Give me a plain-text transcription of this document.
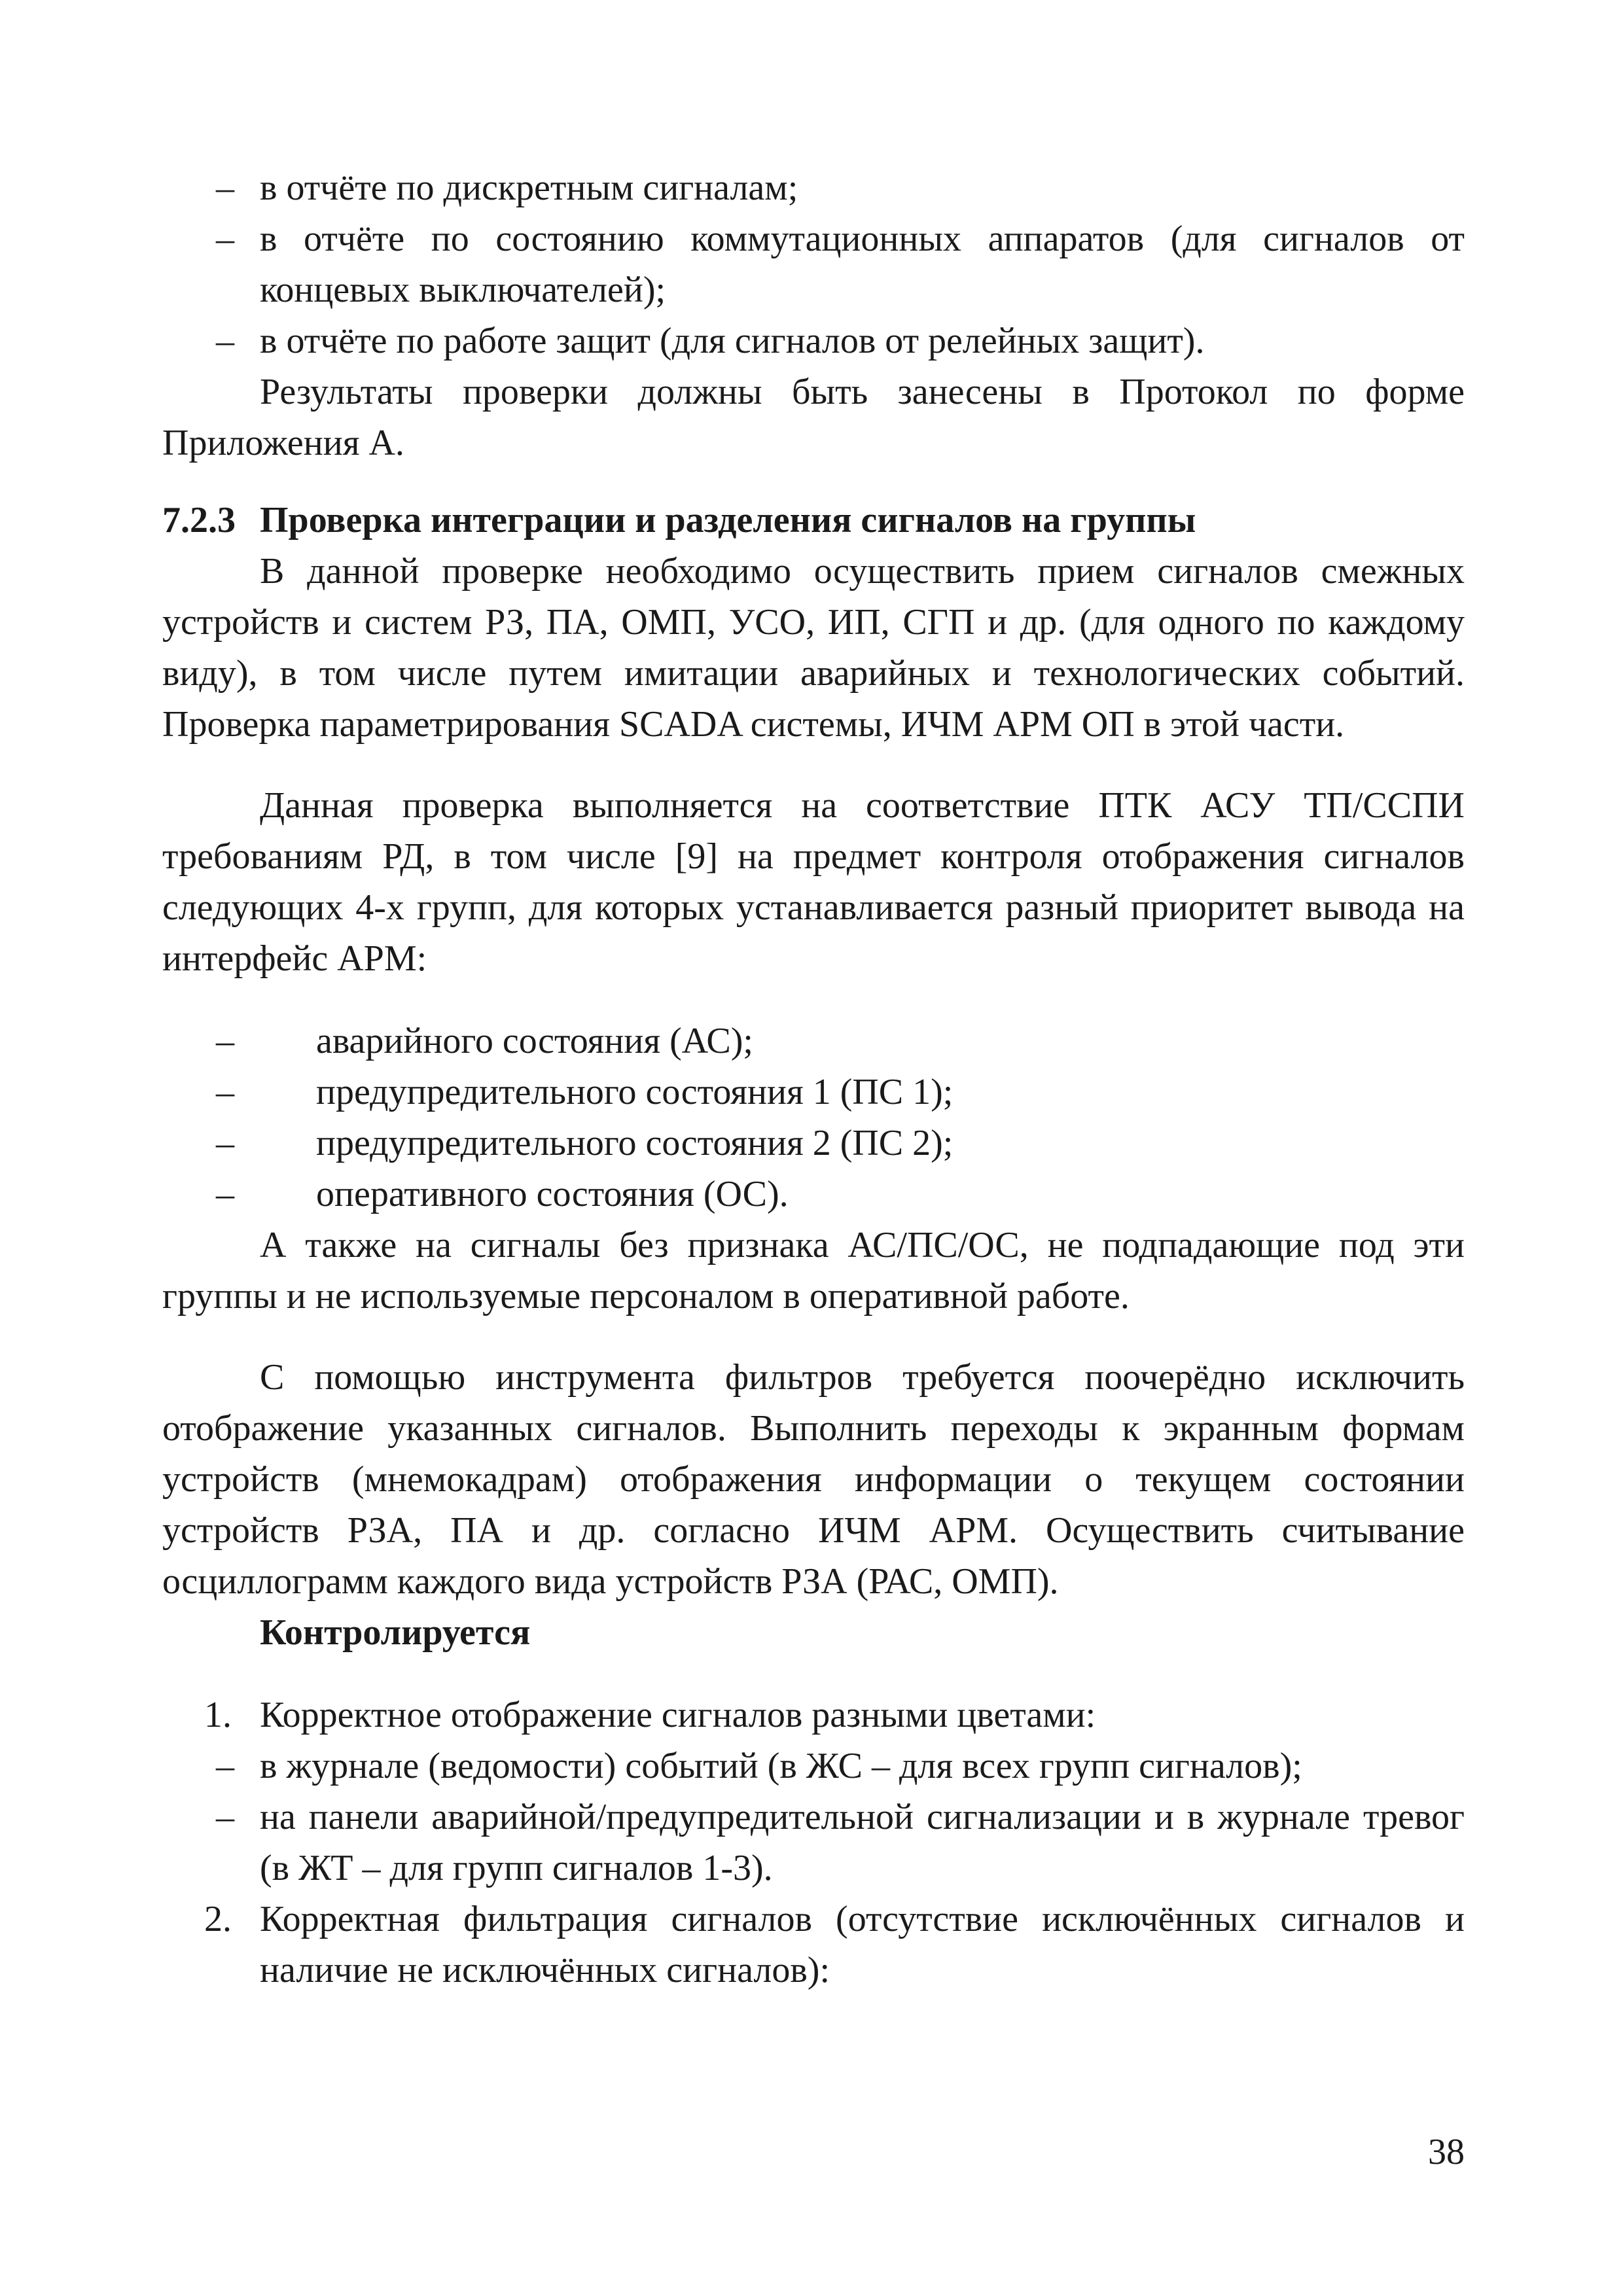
– в отчёте по дискретным сигналам;
– в отчёте по состоянию коммутационных аппаратов (для сигналов от концевых выключателей);
– в отчёте по работе защит (для сигналов от релейных защит).

Результаты проверки должны быть занесены в Протокол по форме Приложения А.

7.2.3 Проверка интеграции и разделения сигналов на группы

В данной проверке необходимо осуществить прием сигналов смежных устройств и систем РЗ, ПА, ОМП, УСО, ИП, СГП и др. (для одного по каждому виду), в том числе путем имитации аварийных и технологических событий. Проверка параметрирования SCADA системы, ИЧМ АРМ ОП в этой части.

Данная проверка выполняется на соответствие ПТК АСУ ТП/ССПИ требованиям РД, в том числе [9] на предмет контроля отображения сигналов следующих 4-х групп, для которых устанавливается разный приоритет вывода на интерфейс АРМ:

–	аварийного состояния (АС);
–	предупредительного состояния 1 (ПС 1);
–	предупредительного состояния 2 (ПС 2);
–	оперативного состояния (ОС).

А также на сигналы без признака АС/ПС/ОС, не подпадающие под эти группы и не используемые персоналом в оперативной работе.

С помощью инструмента фильтров требуется поочерёдно исключить отображение указанных сигналов. Выполнить переходы к экранным формам устройств (мнемокадрам) отображения информации о текущем состоянии устройств РЗА, ПА и др. согласно ИЧМ АРМ. Осуществить считывание осциллограмм каждого вида устройств РЗА (РАС, ОМП).

Контролируется

1. Корректное отображение сигналов разными цветами:
– в журнале (ведомости) событий (в ЖС – для всех групп сигналов);
– на панели аварийной/предупредительной сигнализации и в журнале тревог (в ЖТ – для групп сигналов 1-3).
2. Корректная фильтрация сигналов (отсутствие исключённых сигналов и наличие не исключённых сигналов):
38
